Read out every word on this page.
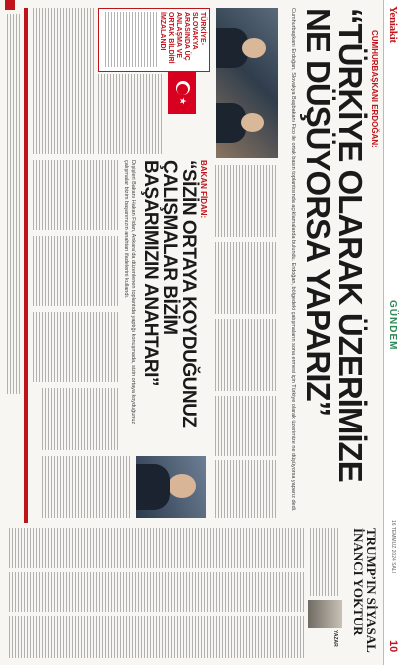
Yeniakit
GÜNDEM
16 TEMMUZ 2024 SALI
10
CUMHURBAŞKANI ERDOĞAN:
“TÜRKİYE OLARAK ÜZERİMİZE NE DÜŞÜYORSA YAPARIZ”
Cumhurbaşkanı Erdoğan, Slovakya Başbakanı Fico ile ortak basın toplantısında açıklamalarda bulundu. Erdoğan, bölgedeki çatışmaların sona ermesi için Türkiye olarak üzerimize ne düşüyorsa yaparız dedi.
TÜRKİYE-SLOVAKYA ARASINDA ÜÇ ANLAŞMA VE ORTAK BİLDİRİ İMZALANDI
★
BAKAN FİDAN:
“SİZİN ORTAYA KOYDUĞUNUZ ÇALIŞMALAR BİZİM BAŞARIMIZIN ANAHTARI”
Dışişleri Bakanı Hakan Fidan, Ankara’da düzenlenen toplantıda yaptığı konuşmada, sizin ortaya koyduğunuz çalışmalar bizim başarımızın anahtarı ifadelerini kullandı.
TRUMP’IN SİYASAL İNANCI YOKTUR
YAZAR
